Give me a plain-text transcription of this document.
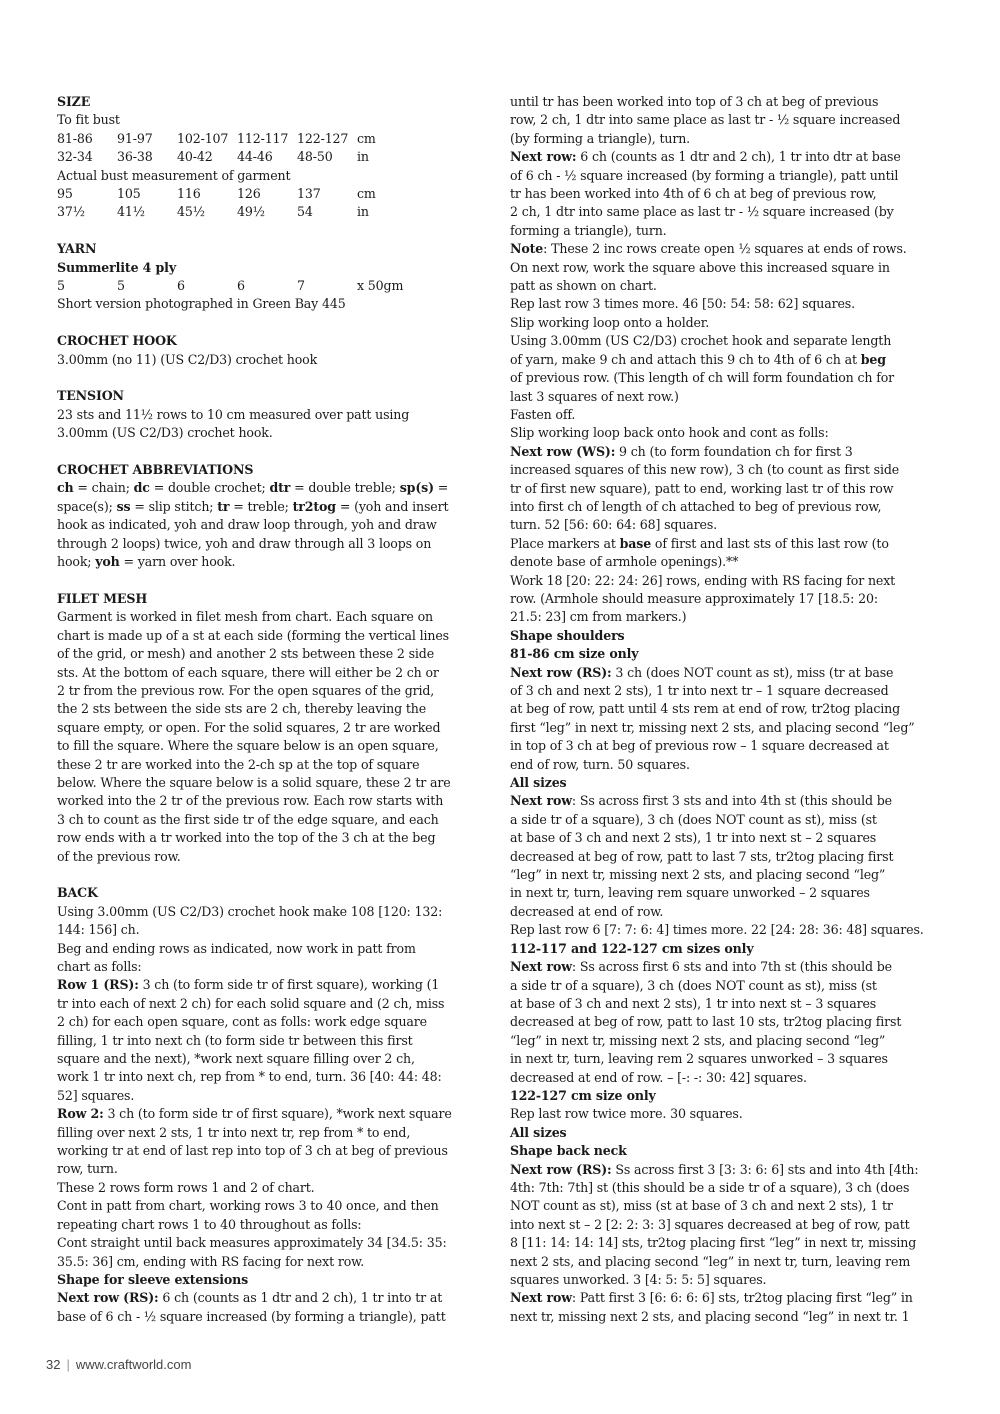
SIZE

To fit bust

81-86	91-97	102-107 112-117 122-127 cm
32-34	36-38	40-42	44-46	48-50	in

Actual bust measurement of garment

95	105	116	126	137	cm
37½	41½	45½	49½	54	in

YARN

Summerlite 4 ply

5	5	6	6	7	x 50gm

Short version photographed in Green Bay 445

CROCHET HOOK

3.00mm (no 11) (US C2/D3) crochet hook

TENSION

23 sts and 11½ rows to 10 cm measured over patt using

3.00mm (US C2/D3) crochet hook.

CROCHET ABBREVIATIONS

ch = chain; dc = double crochet; dtr = double treble; sp(s) =

space(s); ss = slip stitch; tr = treble; tr2tog = (yoh and insert

hook as indicated, yoh and draw loop through, yoh and draw

through 2 loops) twice, yoh and draw through all 3 loops on

hook; yoh = yarn over hook.

FILET MESH

Garment is worked in filet mesh from chart. Each square on

chart is made up of a st at each side (forming the vertical lines

of the grid, or mesh) and another 2 sts between these 2 side

sts. At the bottom of each square, there will either be 2 ch or

2 tr from the previous row. For the open squares of the grid,

the 2 sts between the side sts are 2 ch, thereby leaving the

square empty, or open. For the solid squares, 2 tr are worked

to fill the square. Where the square below is an open square,

these 2 tr are worked into the 2-ch sp at the top of square

below. Where the square below is a solid square, these 2 tr are

worked into the 2 tr of the previous row. Each row starts with

3 ch to count as the first side tr of the edge square, and each

row ends with a tr worked into the top of the 3 ch at the beg

of the previous row.

BACK

Using 3.00mm (US C2/D3) crochet hook make 108 [120: 132:

144: 156] ch.

Beg and ending rows as indicated, now work in patt from

chart as folls:

Row 1 (RS): 3 ch (to form side tr of first square), working (1

tr into each of next 2 ch) for each solid square and (2 ch, miss

2 ch) for each open square, cont as folls: work edge square

filling, 1 tr into next ch (to form side tr between this first

square and the next), *work next square filling over 2 ch,

work 1 tr into next ch, rep from * to end, turn. 36 [40: 44: 48:

52] squares.

Row 2: 3 ch (to form side tr of first square), *work next square

filling over next 2 sts, 1 tr into next tr, rep from * to end,

working tr at end of last rep into top of 3 ch at beg of previous

row, turn.

These 2 rows form rows 1 and 2 of chart.

Cont in patt from chart, working rows 3 to 40 once, and then

repeating chart rows 1 to 40 throughout as folls:

Cont straight until back measures approximately 34 [34.5: 35:

35.5: 36] cm, ending with RS facing for next row.

Shape for sleeve extensions

Next row (RS): 6 ch (counts as 1 dtr and 2 ch), 1 tr into tr at

base of 6 ch - ½ square increased (by forming a triangle), patt

until tr has been worked into top of 3 ch at beg of previous

row, 2 ch, 1 dtr into same place as last tr - ½ square increased

(by forming a triangle), turn.

Next row: 6 ch (counts as 1 dtr and 2 ch), 1 tr into dtr at base

of 6 ch - ½ square increased (by forming a triangle), patt until

tr has been worked into 4th of 6 ch at beg of previous row,

2 ch, 1 dtr into same place as last tr - ½ square increased (by

forming a triangle), turn.

Note: These 2 inc rows create open ½ squares at ends of rows.

On next row, work the square above this increased square in

patt as shown on chart.

Rep last row 3 times more. 46 [50: 54: 58: 62] squares.

Slip working loop onto a holder.

Using 3.00mm (US C2/D3) crochet hook and separate length

of yarn, make 9 ch and attach this 9 ch to 4th of 6 ch at beg

of previous row. (This length of ch will form foundation ch for

last 3 squares of next row.)

Fasten off.

Slip working loop back onto hook and cont as folls:

Next row (WS): 9 ch (to form foundation ch for first 3

increased squares of this new row), 3 ch (to count as first side

tr of first new square), patt to end, working last tr of this row

into first ch of length of ch attached to beg of previous row,

turn. 52 [56: 60: 64: 68] squares.

Place markers at base of first and last sts of this last row (to

denote base of armhole openings).**

Work 18 [20: 22: 24: 26] rows, ending with RS facing for next

row. (Armhole should measure approximately 17 [18.5: 20:

21.5: 23] cm from markers.)

Shape shoulders

81-86 cm size only

Next row (RS): 3 ch (does NOT count as st), miss (tr at base

of 3 ch and next 2 sts), 1 tr into next tr – 1 square decreased

at beg of row, patt until 4 sts rem at end of row, tr2tog placing

first “leg” in next tr, missing next 2 sts, and placing second “leg”

in top of 3 ch at beg of previous row – 1 square decreased at

end of row, turn. 50 squares.

All sizes

Next row: Ss across first 3 sts and into 4th st (this should be

a side tr of a square), 3 ch (does NOT count as st), miss (st

at base of 3 ch and next 2 sts), 1 tr into next st – 2 squares

decreased at beg of row, patt to last 7 sts, tr2tog placing first

“leg” in next tr, missing next 2 sts, and placing second “leg”

in next tr, turn, leaving rem square unworked – 2 squares

decreased at end of row.

Rep last row 6 [7: 7: 6: 4] times more. 22 [24: 28: 36: 48] squares.

112-117 and 122-127 cm sizes only

Next row: Ss across first 6 sts and into 7th st (this should be

a side tr of a square), 3 ch (does NOT count as st), miss (st

at base of 3 ch and next 2 sts), 1 tr into next st – 3 squares

decreased at beg of row, patt to last 10 sts, tr2tog placing first

“leg” in next tr, missing next 2 sts, and placing second “leg”

in next tr, turn, leaving rem 2 squares unworked – 3 squares

decreased at end of row. – [-: -: 30: 42] squares.

122-127 cm size only

Rep last row twice more. 30 squares.

All sizes

Shape back neck

Next row (RS): Ss across first 3 [3: 3: 6: 6] sts and into 4th [4th:

4th: 7th: 7th] st (this should be a side tr of a square), 3 ch (does

NOT count as st), miss (st at base of 3 ch and next 2 sts), 1 tr

into next st – 2 [2: 2: 3: 3] squares decreased at beg of row, patt

8 [11: 14: 14: 14] sts, tr2tog placing first “leg” in next tr, missing

next 2 sts, and placing second “leg” in next tr, turn, leaving rem

squares unworked. 3 [4: 5: 5: 5] squares.

Next row: Patt first 3 [6: 6: 6: 6] sts, tr2tog placing first “leg” in

next tr, missing next 2 sts, and placing second “leg” in next tr. 1

32 | www.craftworld.com
